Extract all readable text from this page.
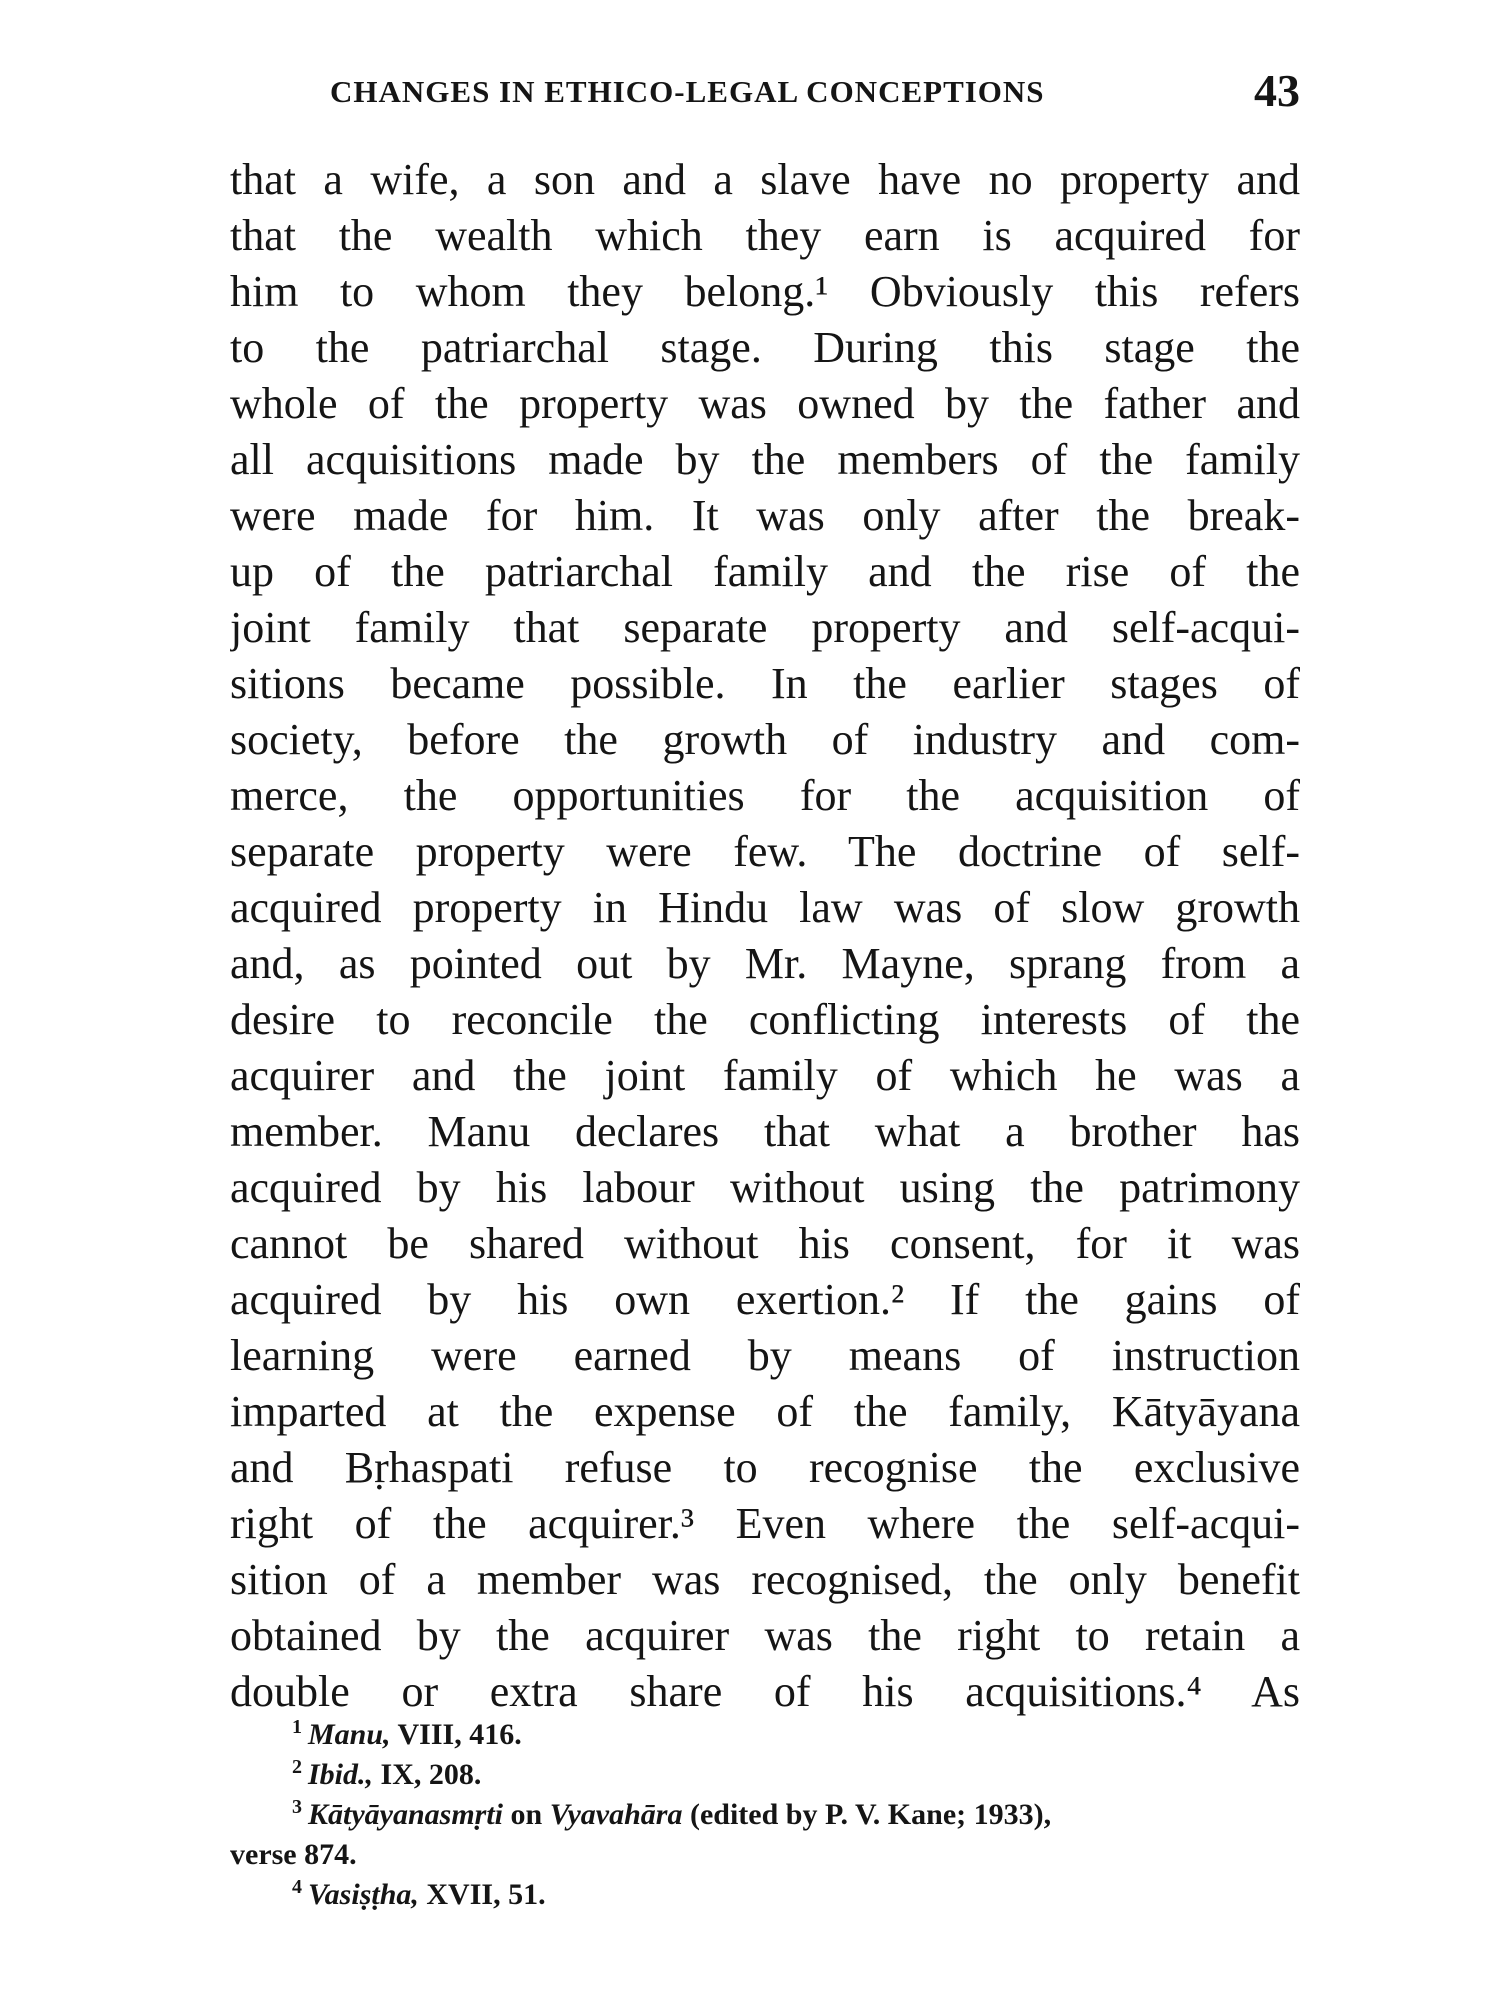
CHANGES IN ETHICO-LEGAL CONCEPTIONS	43
that a wife, a son and a slave have no property and
that the wealth which they earn is acquired for
him to whom they belong.¹ Obviously this refers
to the patriarchal stage. During this stage the
whole of the property was owned by the father and
all acquisitions made by the members of the family
were made for him. It was only after the break-
up of the patriarchal family and the rise of the
joint family that separate property and self-acqui-
sitions became possible. In the earlier stages of
society, before the growth of industry and com-
merce, the opportunities for the acquisition of
separate property were few. The doctrine of self-
acquired property in Hindu law was of slow growth
and, as pointed out by Mr. Mayne, sprang from a
desire to reconcile the conflicting interests of the
acquirer and the joint family of which he was a
member. Manu declares that what a brother has
acquired by his labour without using the patrimony
cannot be shared without his consent, for it was
acquired by his own exertion.² If the gains of
learning were earned by means of instruction
imparted at the expense of the family, Kātyāyana
and Bṛhaspati refuse to recognise the exclusive
right of the acquirer.³ Even where the self-acqui-
sition of a member was recognised, the only benefit
obtained by the acquirer was the right to retain a
double or extra share of his acquisitions.⁴ As
$^1$ Manu, VIII, 416.
$^2$ Ibid., IX, 208.
$^3$ Kātyāyanasmṛti on Vyavahāra (edited by P. V. Kane; 1933),
verse 874.
$^4$ Vasiṣṭha, XVII, 51.
